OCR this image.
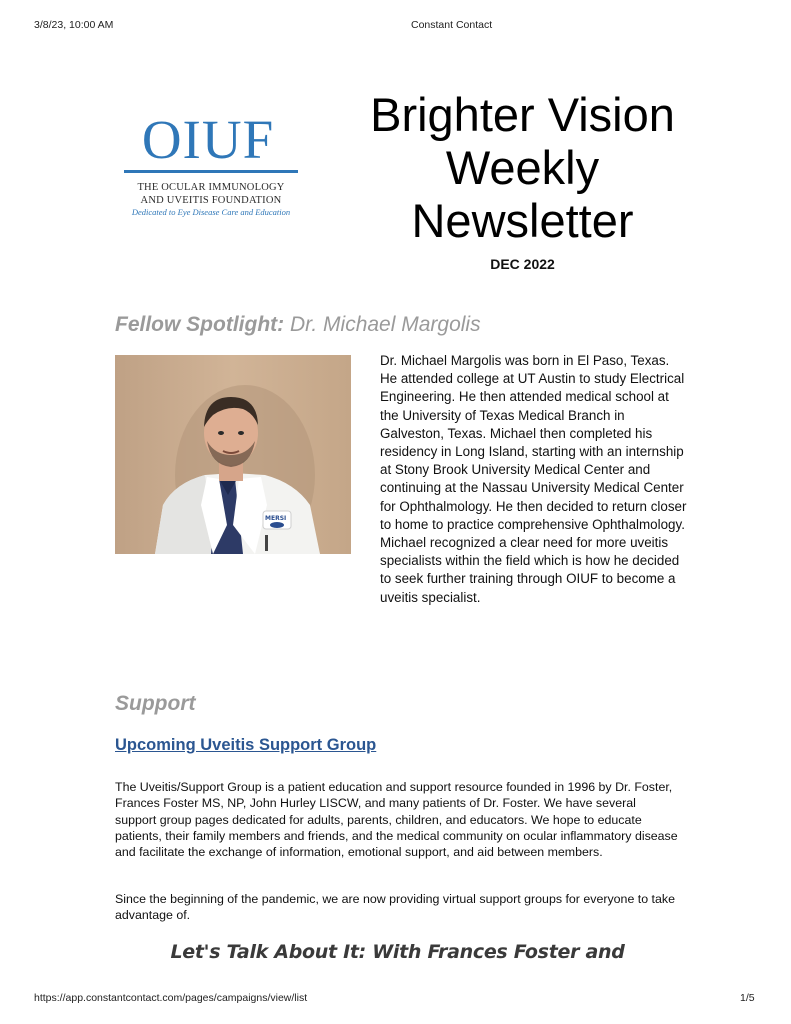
3/8/23, 10:00 AM	Constant Contact
OIUF
THE OCULAR IMMUNOLOGY
AND UVEITIS FOUNDATION
Dedicated to Eye Disease Care and Education
Brighter Vision
Weekly
Newsletter
DEC 2022
Fellow Spotlight: Dr. Michael Margolis
MERSI
Dr. Michael Margolis was born in El Paso, Texas. He attended college at UT Austin to study Electrical Engineering. He then attended medical school at the University of Texas Medical Branch in Galveston, Texas. Michael then completed his residency in Long Island, starting with an internship at Stony Brook University Medical Center and continuing at the Nassau University Medical Center for Ophthalmology. He then decided to return closer to home to practice comprehensive Ophthalmology. Michael recognized a clear need for more uveitis specialists within the field which is how he decided to seek further training through OIUF to become a uveitis specialist.
Support
Upcoming Uveitis Support Group
The Uveitis/Support Group is a patient education and support resource founded in 1996 by Dr. Foster, Frances Foster MS, NP, John Hurley LISCW, and many patients of Dr. Foster. We have several support group pages dedicated for adults, parents, children, and educators. We hope to educate patients, their family members and friends, and the medical community on ocular inflammatory disease and facilitate the exchange of information, emotional support, and aid between members.
Since the beginning of the pandemic, we are now providing virtual support groups for everyone to take advantage of.
Let's Talk About It: With Frances Foster and
https://app.constantcontact.com/pages/campaigns/view/list	1/5
